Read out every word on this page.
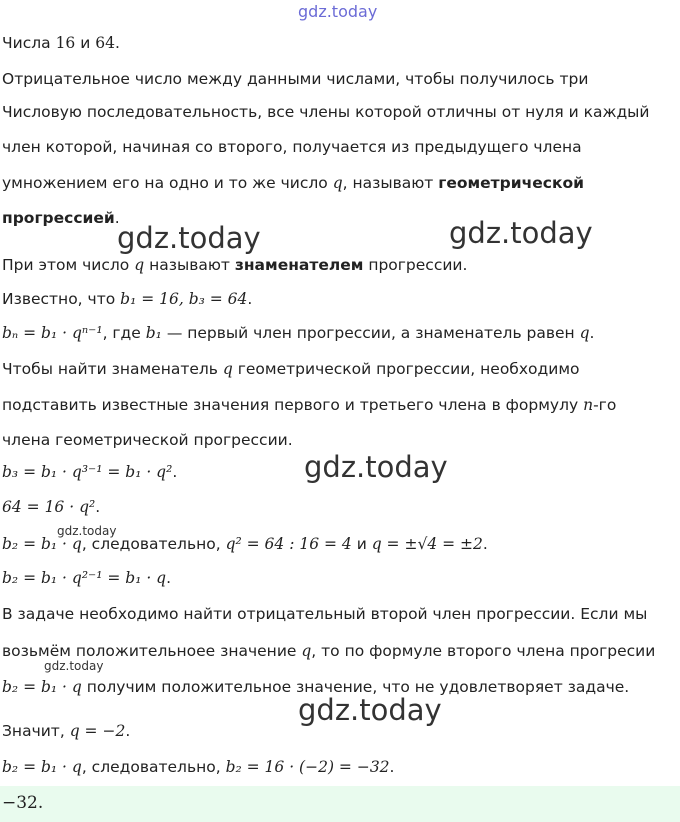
gdz.today
gdz.today	gdz.today
gdz.today
gdz.today
gdz.today
gdz.today
Числа 16 и 64.
Отрицательное число между данными числами, чтобы получилось три
Числовую последовательность, все члены которой отличны от нуля и каждый
член которой, начиная со второго, получается из предыдущего члена
умножением его на одно и то же число q, называют геометрической
прогрессией.
При этом число q называют знаменателем прогрессии.
Известно, что b₁ = 16, b₃ = 64.
bₙ = b₁ · qⁿ⁻¹, где b₁ — первый член прогрессии, а знаменатель равен q.
Чтобы найти знаменатель q геометрической прогрессии, необходимо
подставить известные значения первого и третьего члена в формулу n-го
члена геометрической прогрессии.
b₃ = b₁ · q³⁻¹ = b₁ · q².
64 = 16 · q².
b₂ = b₁ · q, следовательно, q² = 64 : 16 = 4 и q = ±√4 = ±2.
b₂ = b₁ · q²⁻¹ = b₁ · q.
В задаче необходимо найти отрицательный второй член прогрессии. Если мы
возьмём положительноее значение q, то по формуле второго члена прогресии
b₂ = b₁ · q получим положительное значение, что не удовлетворяет задаче.
Значит, q = −2.
b₂ = b₁ · q, следовательно, b₂ = 16 · (−2) = −32.
−32.
